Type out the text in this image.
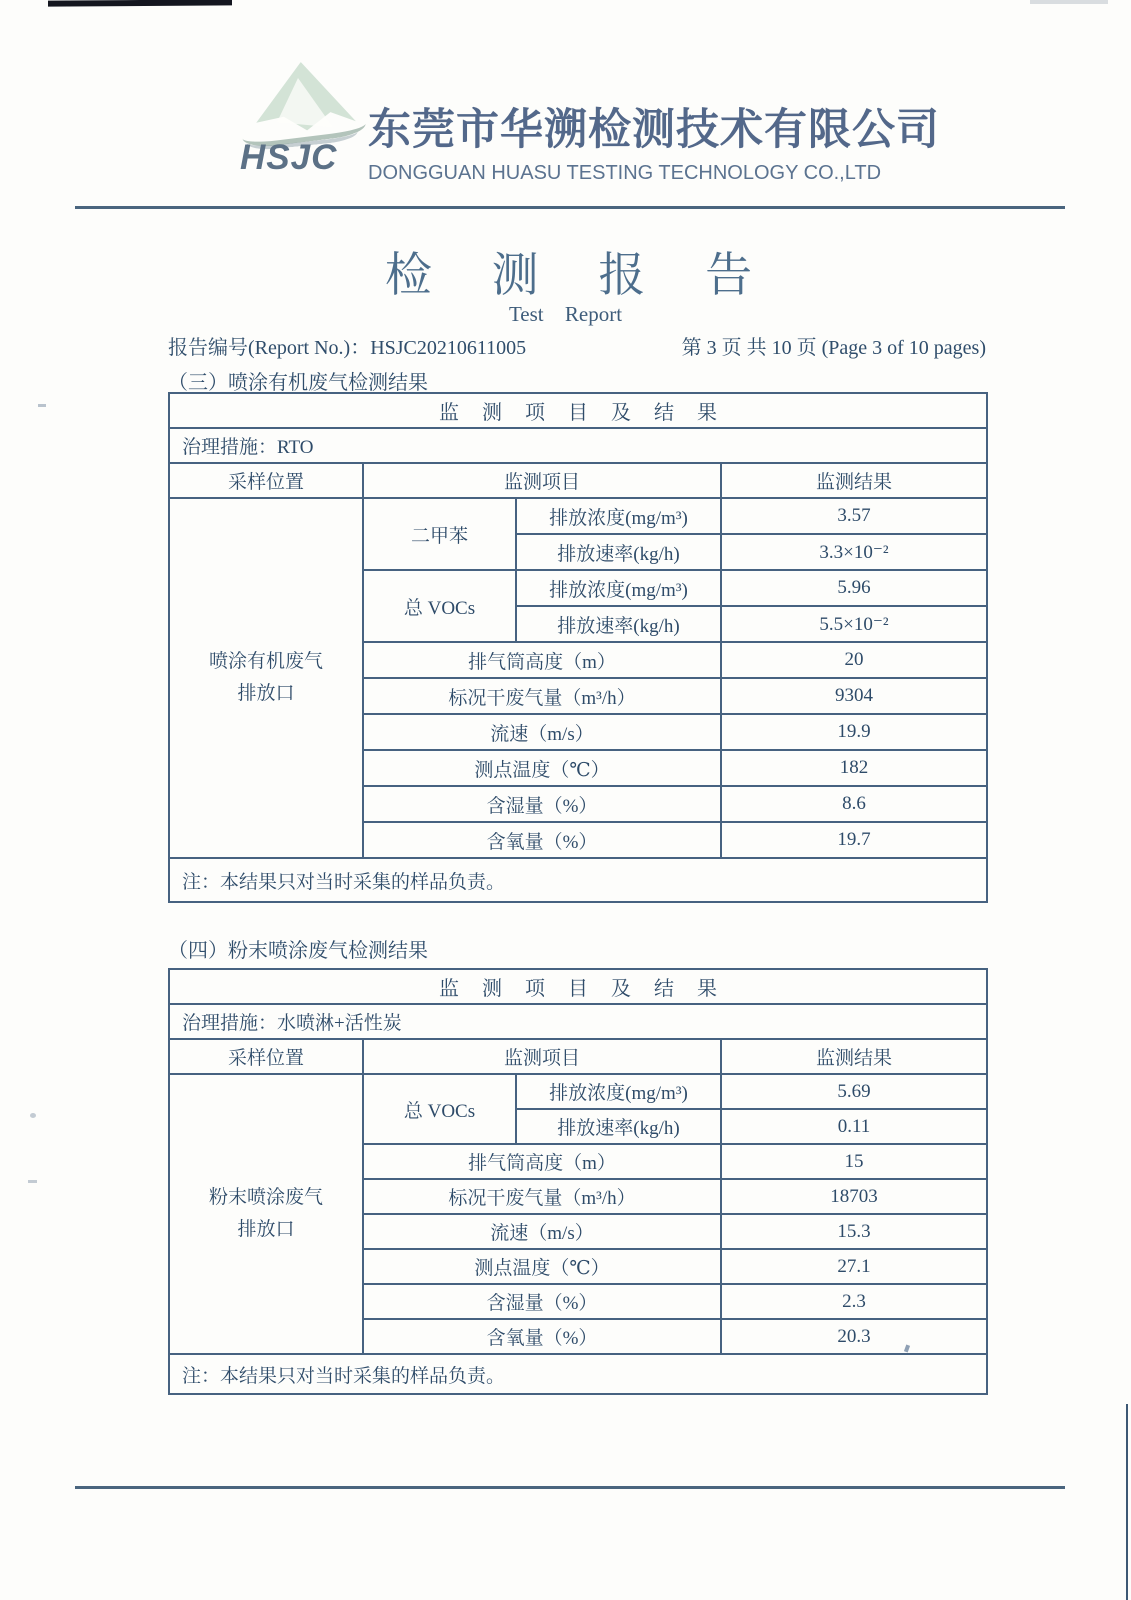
HSJC
东莞市华溯检测技术有限公司
DONGGUAN HUASU TESTING TECHNOLOGY CO.,LTD
检 测 报 告
Test Report
报告编号(Report No.)：HSJC20210611005	第 3 页 共 10 页 (Page 3 of 10 pages)
（三）喷涂有机废气检测结果
监 测 项 目 及 结 果			
治理措施：RTO			
采样位置	监测项目		监测结果

喷涂有机废气
排放口	二甲苯	排放浓度(mg/m³)	3.57
		排放速率(kg/h)	3.3×10⁻²
	总 VOCs	排放浓度(mg/m³)	5.96
		排放速率(kg/h)	5.5×10⁻²
	排气筒高度（m）		20
	标况干废气量（m³/h）		9304
	流速（m/s）		19.9
	测点温度（℃）		182
	含湿量（%）		8.6
	含氧量（%）		19.7
注：本结果只对当时采集的样品负责。			
（四）粉末喷涂废气检测结果
监 测 项 目 及 结 果			
治理措施：水喷淋+活性炭			
采样位置	监测项目		监测结果

粉末喷涂废气
排放口	总 VOCs	排放浓度(mg/m³)	5.69
		排放速率(kg/h)	0.11
	排气筒高度（m）		15
	标况干废气量（m³/h）		18703
	流速（m/s）		15.3
	测点温度（℃）		27.1
	含湿量（%）		2.3
	含氧量（%）		20.3
注：本结果只对当时采集的样品负责。			
